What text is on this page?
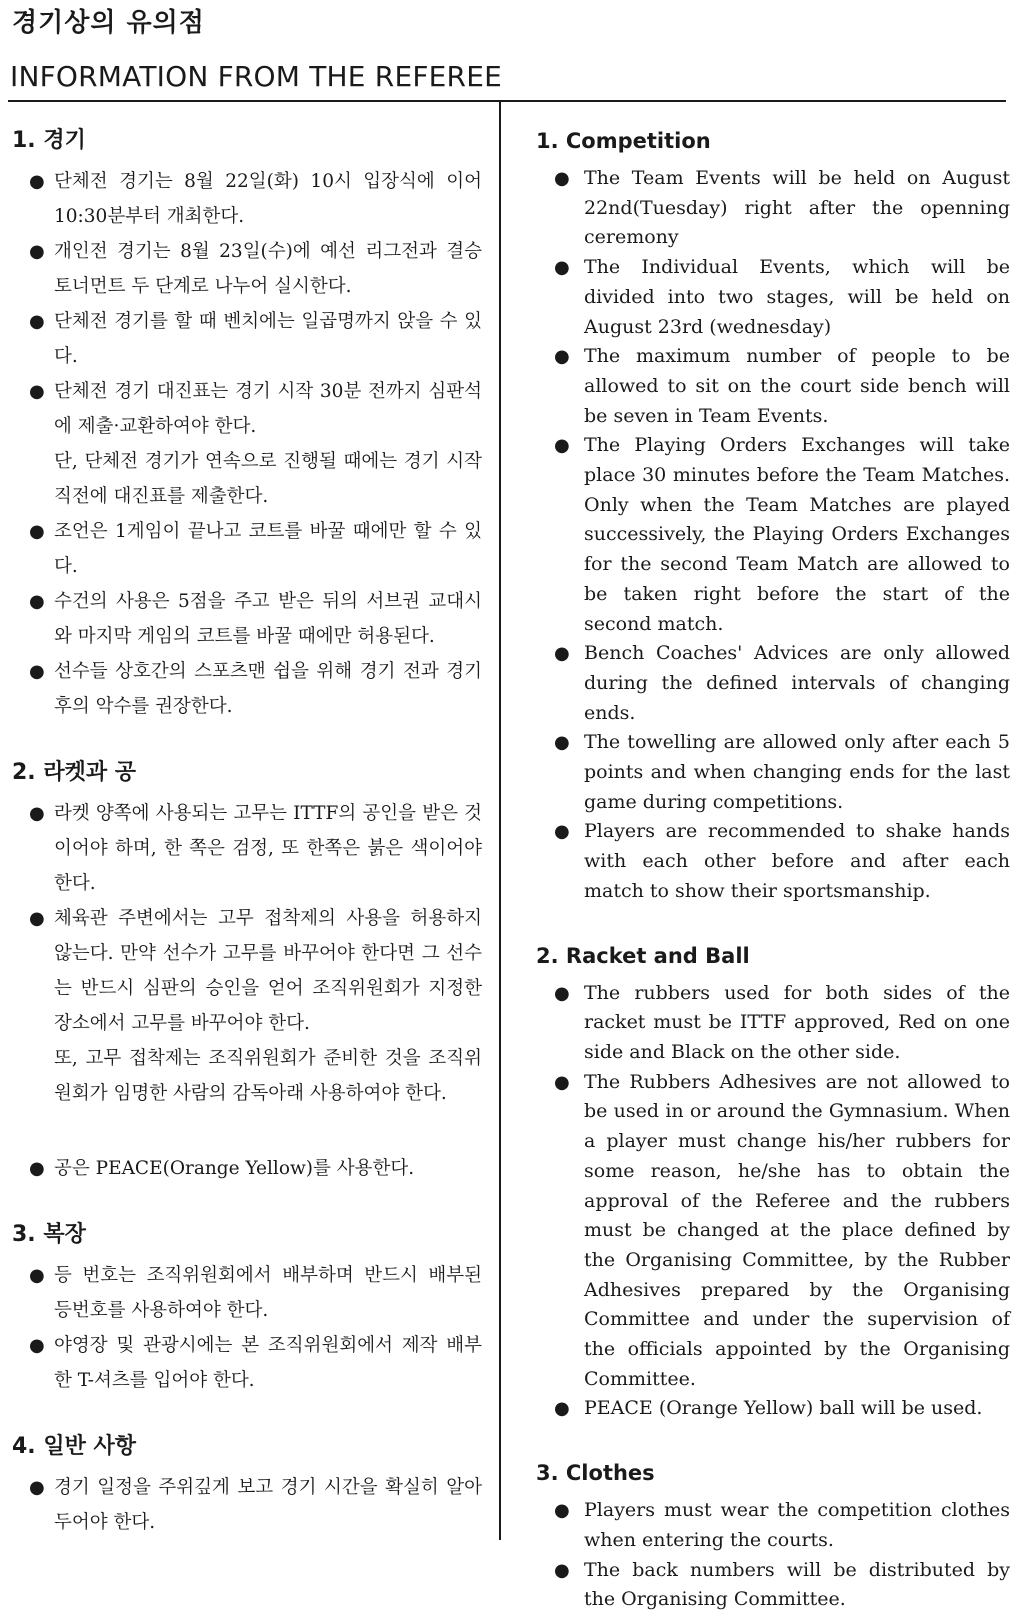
경기상의 유의점
INFORMATION FROM THE REFEREE
1. 경기

● 단체전 경기는 8월 22일(화) 10시 입장식에 이어 10:30분부터 개최한다.

● 개인전 경기는 8월 23일(수)에 예선 리그전과 결승 토너먼트 두 단계로 나누어 실시한다.

● 단체전 경기를 할 때 벤치에는 일곱명까지 앉을 수 있다.

● 단체전 경기 대진표는 경기 시작 30분 전까지 심판석에 제출·교환하여야 한다.

단, 단체전 경기가 연속으로 진행될 때에는 경기 시작 직전에 대진표를 제출한다.

● 조언은 1게임이 끝나고 코트를 바꿀 때에만 할 수 있다.

● 수건의 사용은 5점을 주고 받은 뒤의 서브권 교대시와 마지막 게임의 코트를 바꿀 때에만 허용된다.

● 선수들 상호간의 스포츠맨 쉽을 위해 경기 전과 경기 후의 악수를 권장한다.

2. 라켓과 공

● 라켓 양쪽에 사용되는 고무는 ITTF의 공인을 받은 것이어야 하며, 한 쪽은 검정, 또 한쪽은 붉은 색이어야 한다.

● 체육관 주변에서는 고무 접착제의 사용을 허용하지 않는다. 만약 선수가 고무를 바꾸어야 한다면 그 선수는 반드시 심판의 승인을 얻어 조직위원회가 지정한 장소에서 고무를 바꾸어야 한다.

또, 고무 접착제는 조직위원회가 준비한 것을 조직위원회가 임명한 사람의 감독아래 사용하여야 한다.

● 공은 PEACE(Orange Yellow)를 사용한다.

3. 복장

● 등 번호는 조직위원회에서 배부하며 반드시 배부된 등번호를 사용하여야 한다.

● 야영장 및 관광시에는 본 조직위원회에서 제작 배부한 T-셔츠를 입어야 한다.

4. 일반 사항

● 경기 일정을 주위깊게 보고 경기 시간을 확실히 알아두어야 한다.

1. Competition

● The Team Events will be held on August 22nd(Tuesday) right after the openning ceremony

● The Individual Events, which will be divided into two stages, will be held on August 23rd (wednesday)

● The maximum number of people to be allowed to sit on the court side bench will be seven in Team Events.

● The Playing Orders Exchanges will take place 30 minutes before the Team Matches. Only when the Team Matches are played successively, the Playing Orders Exchanges for the second Team Match are allowed to be taken right before the start of the second match.

● Bench Coaches' Advices are only allowed during the defined intervals of changing ends.

● The towelling are allowed only after each 5 points and when changing ends for the last game during competitions.

● Players are recommended to shake hands with each other before and after each match to show their sportsmanship.

2. Racket and Ball

● The rubbers used for both sides of the racket must be ITTF approved, Red on one side and Black on the other side.

● The Rubbers Adhesives are not allowed to be used in or around the Gymnasium. When a player must change his/her rubbers for some reason, he/she has to obtain the approval of the Referee and the rubbers must be changed at the place defined by the Organising Committee, by the Rubber Adhesives prepared by the Organising Committee and under the supervision of the officials appointed by the Organising Committee.

● PEACE (Orange Yellow) ball will be used.

3. Clothes

● Players must wear the competition clothes when entering the courts.

● The back numbers will be distributed by the Organising Committee.
